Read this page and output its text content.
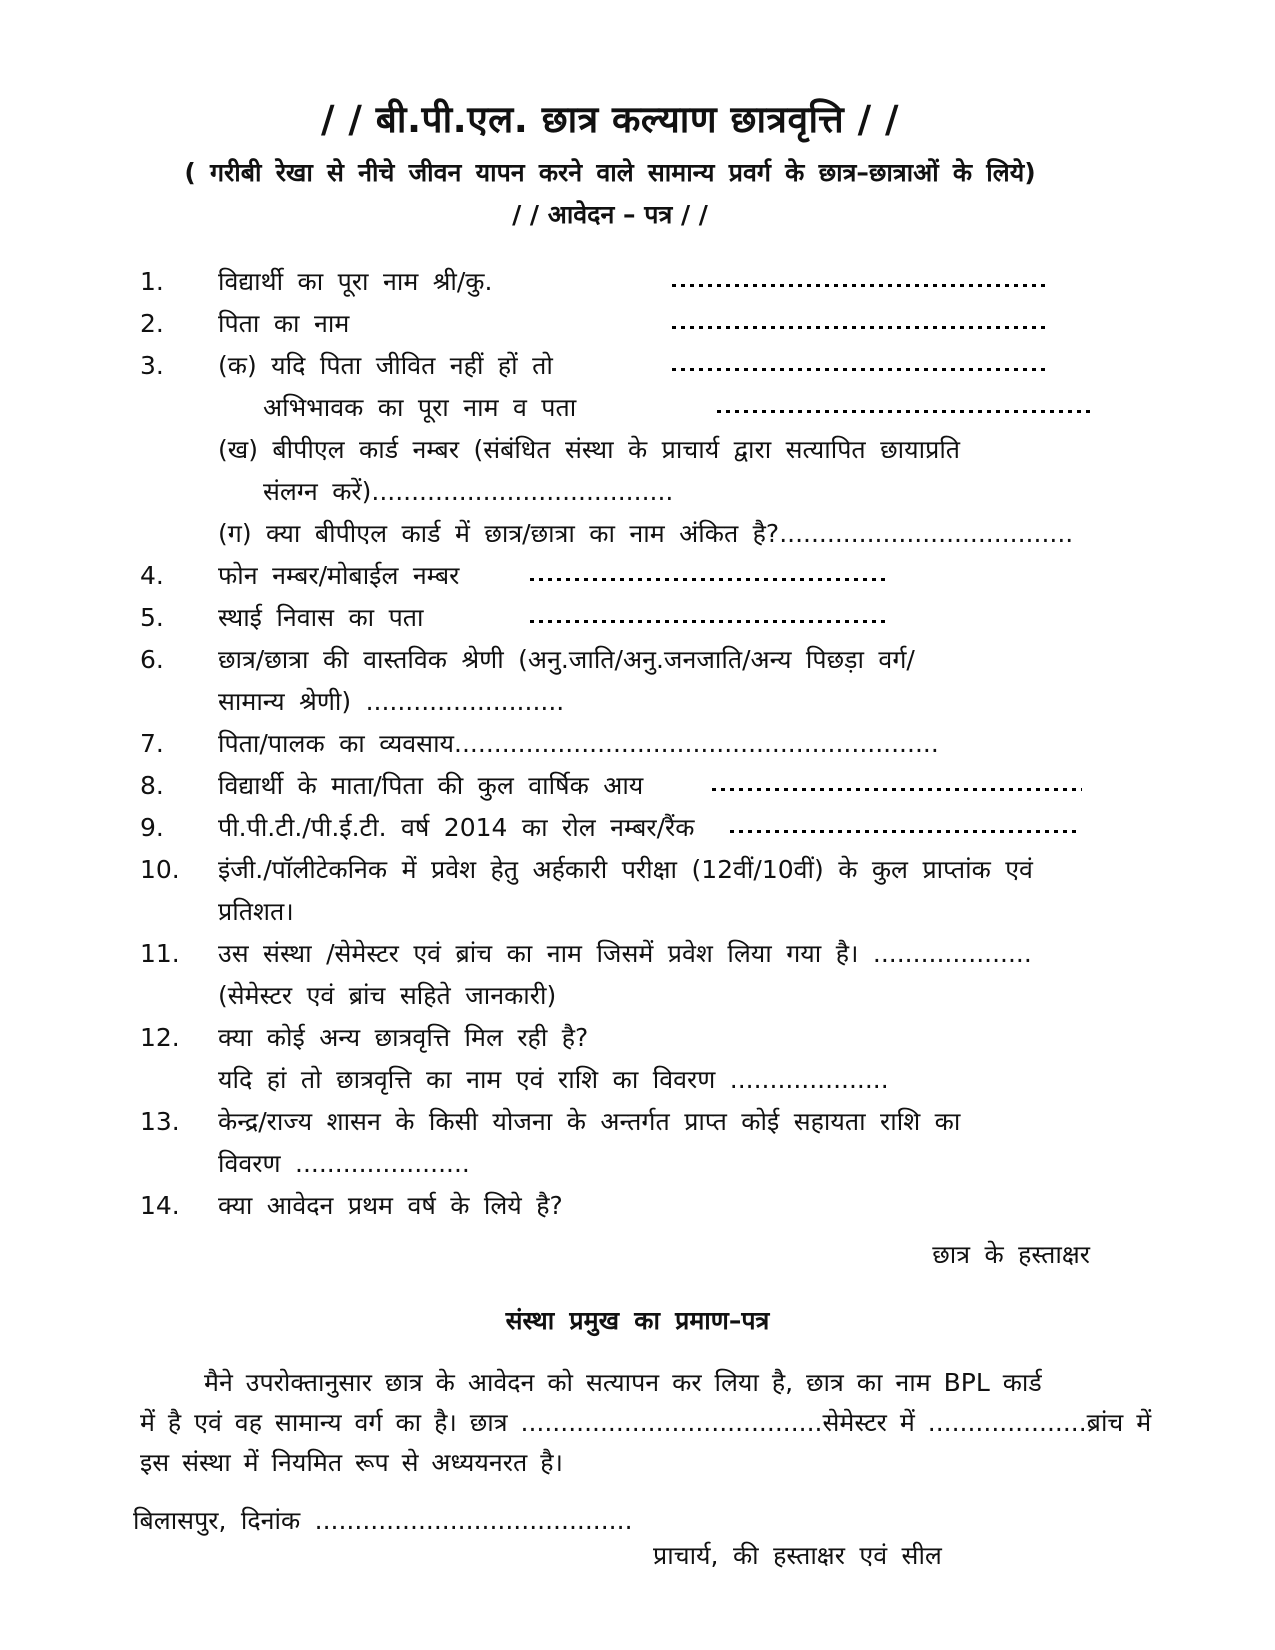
/ / बी.पी.एल. छात्र कल्याण छात्रवृत्ति / /
( गरीबी रेखा से नीचे जीवन यापन करने वाले सामान्य प्रवर्ग के छात्र–छात्राओं के लिये)
/ / आवेदन – पत्र / /
1.	विद्यार्थी का पूरा नाम श्री/कु.
2.	पिता का नाम
3.	(क) यदि पिता जीवित नहीं हों तो
अभिभावक का पूरा नाम व पता
(ख) बीपीएल कार्ड नम्बर (संबंधित संस्था के प्राचार्य द्वारा सत्यापित छायाप्रति
संलग्न करें)......................................
(ग) क्या बीपीएल कार्ड में छात्र/छात्रा का नाम अंकित है?.....................................
4.	फोन नम्बर/मोबाईल नम्बर
5.	स्थाई निवास का पता
6.	छात्र/छात्रा की वास्तविक श्रेणी (अनु.जाति/अनु.जनजाति/अन्य पिछड़ा वर्ग/
सामान्य श्रेणी) .........................
7.	पिता/पालक का व्यवसाय.............................................................
8.	विद्यार्थी के माता/पिता की कुल वार्षिक आय
9.	पी.पी.टी./पी.ई.टी. वर्ष 2014 का रोल नम्बर/रैंक
10.	इंजी./पॉलीटेकनिक में प्रवेश हेतु अर्हकारी परीक्षा (12वीं/10वीं) के कुल प्राप्तांक एवं
प्रतिशत।
11.	उस संस्था /सेमेस्टर एवं ब्रांच का नाम जिसमें प्रवेश लिया गया है। ....................
(सेमेस्टर एवं ब्रांच सहिते जानकारी)
12.	क्या कोई अन्य छात्रवृत्ति मिल रही है?
यदि हां तो छात्रवृत्ति का नाम एवं राशि का विवरण ....................
13.	केन्द्र/राज्य शासन के किसी योजना के अन्तर्गत प्राप्त कोई सहायता राशि का
विवरण ......................
14.	क्या आवेदन प्रथम वर्ष के लिये है?
छात्र के हस्ताक्षर
संस्था प्रमुख का प्रमाण–पत्र
मैने उपरोक्तानुसार छात्र के आवेदन को सत्यापन कर लिया है, छात्र का नाम BPL कार्ड
में है एवं वह सामान्य वर्ग का है। छात्र ......................................सेमेस्टर में ....................ब्रांच में
इस संस्था में नियमित रूप से अध्ययनरत है।
बिलासपुर, दिनांक ........................................
प्राचार्य, की हस्ताक्षर एवं सील
